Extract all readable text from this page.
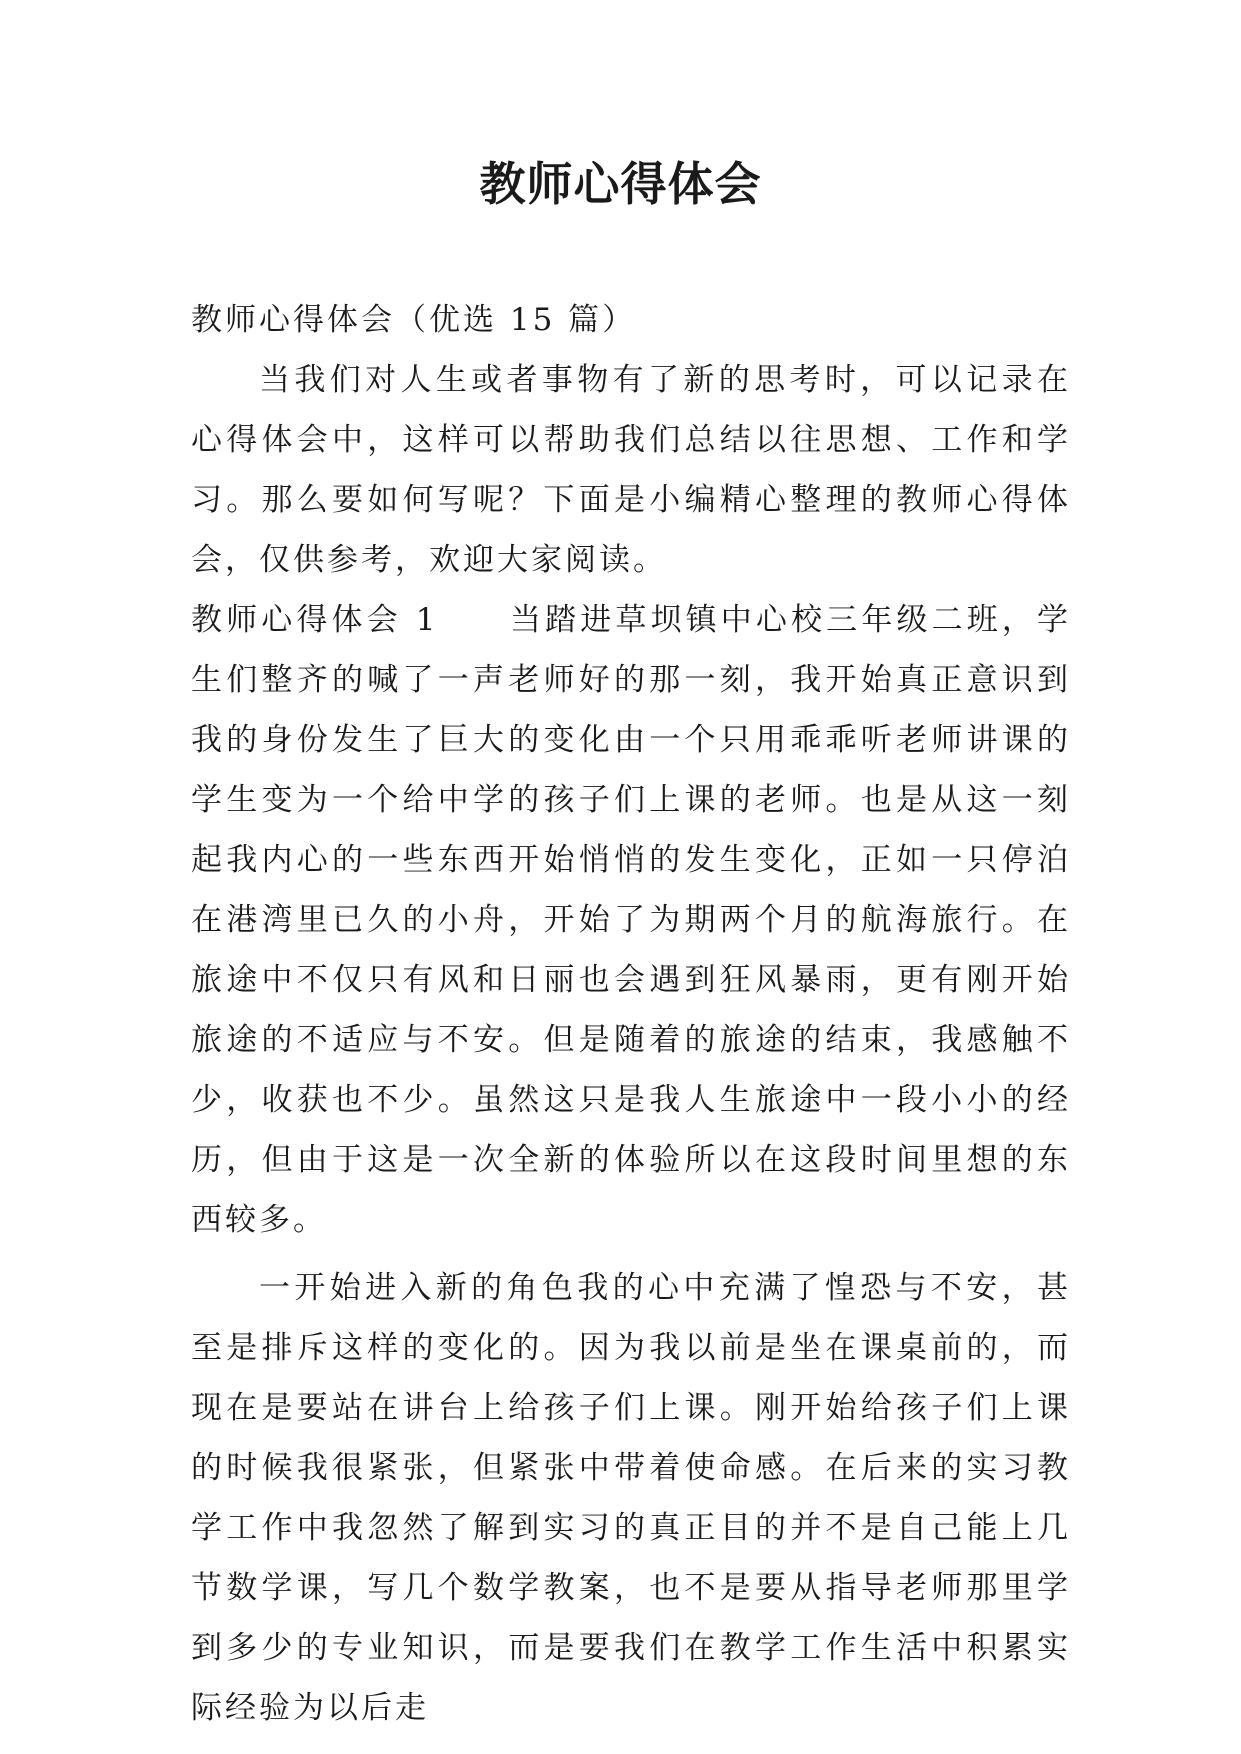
教师心得体会

教师心得体会（优选 15 篇）

当我们对人生或者事物有了新的思考时，可以记录在心得体会中，这样可以帮助我们总结以往思想、工作和学习。那么要如何写呢？下面是小编精心整理的教师心得体会，仅供参考，欢迎大家阅读。

教师心得体会 1　　当踏进草坝镇中心校三年级二班，学生们整齐的喊了一声老师好的那一刻，我开始真正意识到我的身份发生了巨大的变化由一个只用乖乖听老师讲课的学生变为一个给中学的孩子们上课的老师。也是从这一刻起我内心的一些东西开始悄悄的发生变化，正如一只停泊在港湾里已久的小舟，开始了为期两个月的航海旅行。在旅途中不仅只有风和日丽也会遇到狂风暴雨，更有刚开始旅途的不适应与不安。但是随着的旅途的结束，我感触不少，收获也不少。虽然这只是我人生旅途中一段小小的经历，但由于这是一次全新的体验所以在这段时间里想的东西较多。

一开始进入新的角色我的心中充满了惶恐与不安，甚至是排斥这样的变化的。因为我以前是坐在课桌前的，而现在是要站在讲台上给孩子们上课。刚开始给孩子们上课的时候我很紧张，但紧张中带着使命感。在后来的实习教学工作中我忽然了解到实习的真正目的并不是自己能上几节数学课，写几个数学教案，也不是要从指导老师那里学到多少的专业知识，而是要我们在教学工作生活中积累实际经验为以后走
